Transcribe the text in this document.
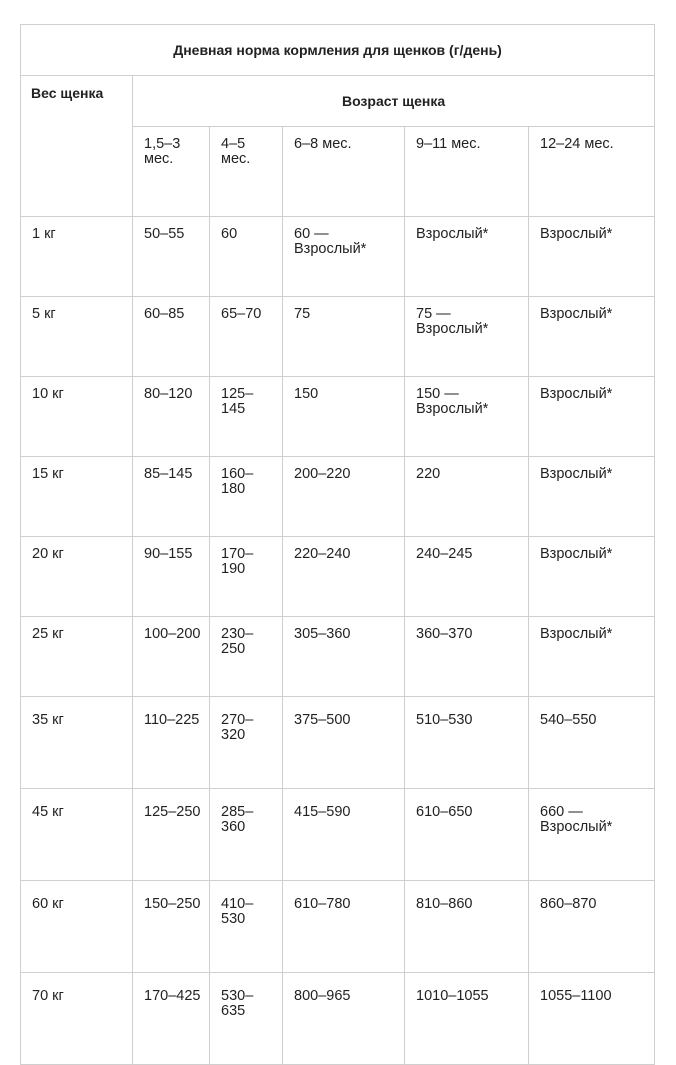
Дневная норма кормления для щенков (г/день)					
Вес щенка	Возраст щенка				
	1,5–3 мес.	4–5 мес.	6–8 мес.	9–11 мес.	12–24 мес.
1 кг	50–55	60	60 — Взрослый*	Взрослый*	Взрослый*
5 кг	60–85	65–70	75	75 — Взрослый*	Взрослый*
10 кг	80–120	125–145	150	150 — Взрослый*	Взрослый*
15 кг	85–145	160–180	200–220	220	Взрослый*
20 кг	90–155	170–190	220–240	240–245	Взрослый*
25 кг	100–200	230–250	305–360	360–370	Взрослый*
35 кг	110–225	270–320	375–500	510–530	540–550
45 кг	125–250	285–360	415–590	610–650	660 — Взрослый*
60 кг	150–250	410–530	610–780	810–860	860–870
70 кг	170–425	530–635	800–965	1010–1055	1055–1100
